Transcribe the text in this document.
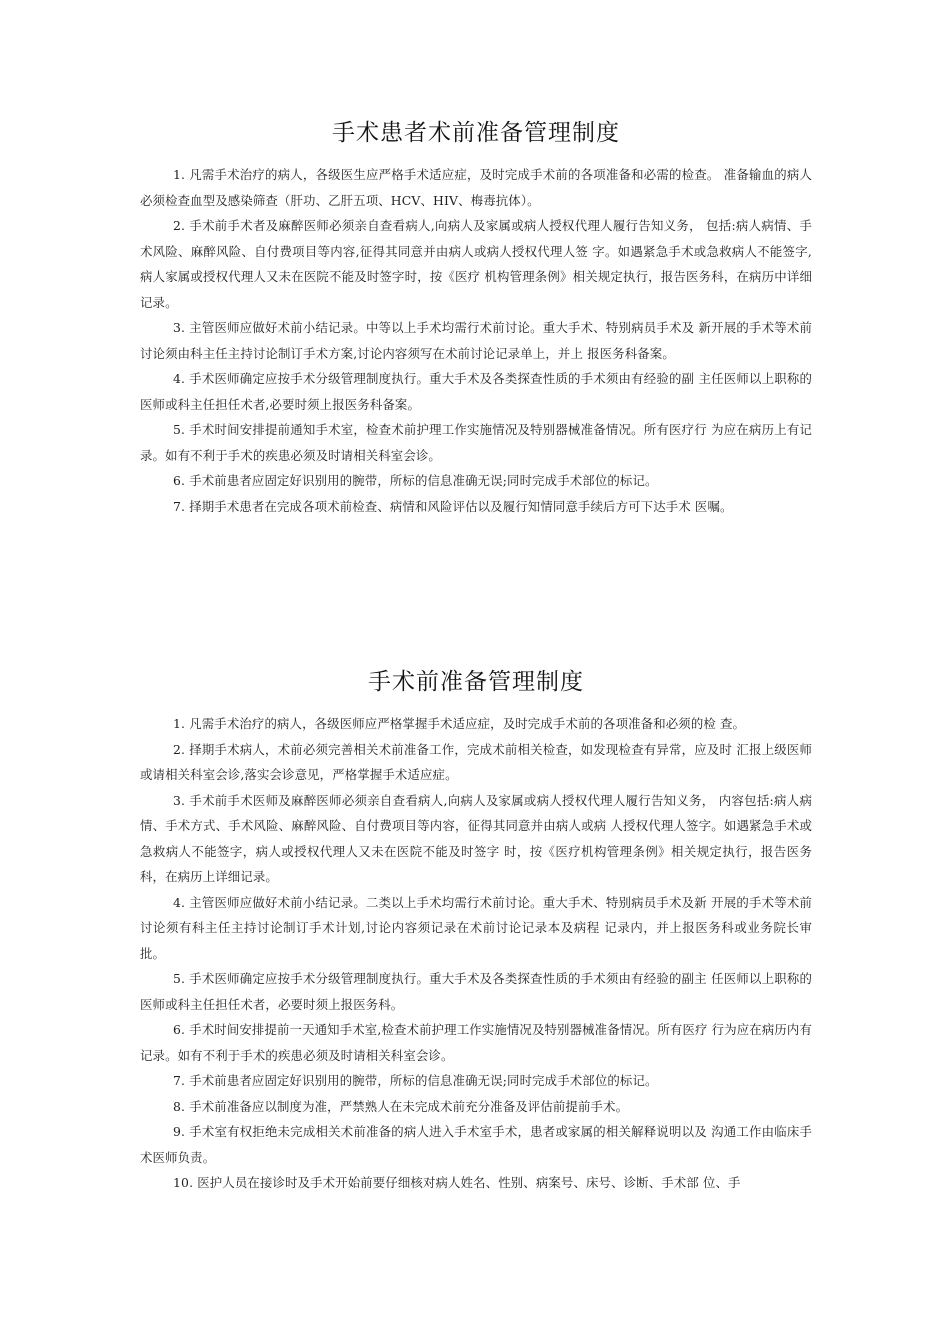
手术患者术前准备管理制度

1. 凡需手术治疗的病人，各级医生应严格手术适应症，及时完成手术前的各项准备和必需的检查。 准备输血的病人必须检查血型及感染筛查（肝功、乙肝五项、HCV、HIV、梅毒抗体）。

2. 手术前手术者及麻醉医师必须亲自查看病人,向病人及家属或病人授权代理人履行告知义务， 包括:病人病情、手术风险、麻醉风险、自付费项目等内容,征得其同意并由病人或病人授权代理人签 字。如遇紧急手术或急救病人不能签字,病人家属或授权代理人又未在医院不能及时签字时，按《医疗 机构管理条例》相关规定执行，报告医务科，在病历中详细记录。

3. 主管医师应做好术前小结记录。中等以上手术均需行术前讨论。重大手术、特别病员手术及 新开展的手术等术前讨论须由科主任主持讨论制订手术方案,讨论内容须写在术前讨论记录单上，并上 报医务科备案。

4. 手术医师确定应按手术分级管理制度执行。重大手术及各类探查性质的手术须由有经验的副 主任医师以上职称的医师或科主任担任术者,必要时须上报医务科备案。

5. 手术时间安排提前通知手术室，检查术前护理工作实施情况及特别器械准备情况。所有医疗行 为应在病历上有记录。如有不利于手术的疾患必须及时请相关科室会诊。

6. 手术前患者应固定好识别用的腕带，所标的信息准确无误;同时完成手术部位的标记。

7. 择期手术患者在完成各项术前检查、病情和风险评估以及履行知情同意手续后方可下达手术 医嘱。

手术前准备管理制度

1. 凡需手术治疗的病人，各级医师应严格掌握手术适应症，及时完成手术前的各项准备和必须的检 查。

2. 择期手术病人，术前必须完善相关术前准备工作，完成术前相关检查，如发现检查有异常，应及时 汇报上级医师或请相关科室会诊,落实会诊意见，严格掌握手术适应症。

3. 手术前手术医师及麻醉医师必须亲自查看病人,向病人及家属或病人授权代理人履行告知义务， 内容包括:病人病情、手术方式、手术风险、麻醉风险、自付费项目等内容，征得其同意并由病人或病 人授权代理人签字。如遇紧急手术或急救病人不能签字，病人或授权代理人又未在医院不能及时签字 时，按《医疗机构管理条例》相关规定执行，报告医务科，在病历上详细记录。

4. 主管医师应做好术前小结记录。二类以上手术均需行术前讨论。重大手术、特别病员手术及新 开展的手术等术前讨论须有科主任主持讨论制订手术计划,讨论内容须记录在术前讨论记录本及病程 记录内，并上报医务科或业务院长审批。

5. 手术医师确定应按手术分级管理制度执行。重大手术及各类探查性质的手术须由有经验的副主 任医师以上职称的医师或科主任担任术者，必要时须上报医务科。

6. 手术时间安排提前一天通知手术室,检查术前护理工作实施情况及特别器械准备情况。所有医疗 行为应在病历内有记录。如有不利于手术的疾患必须及时请相关科室会诊。

7. 手术前患者应固定好识别用的腕带，所标的信息准确无误;同时完成手术部位的标记。

8. 手术前准备应以制度为准，严禁熟人在未完成术前充分准备及评估前提前手术。

9. 手术室有权拒绝未完成相关术前准备的病人进入手术室手术，患者或家属的相关解释说明以及 沟通工作由临床手术医师负责。

10. 医护人员在接诊时及手术开始前要仔细核对病人姓名、性别、病案号、床号、诊断、手术部 位、手
